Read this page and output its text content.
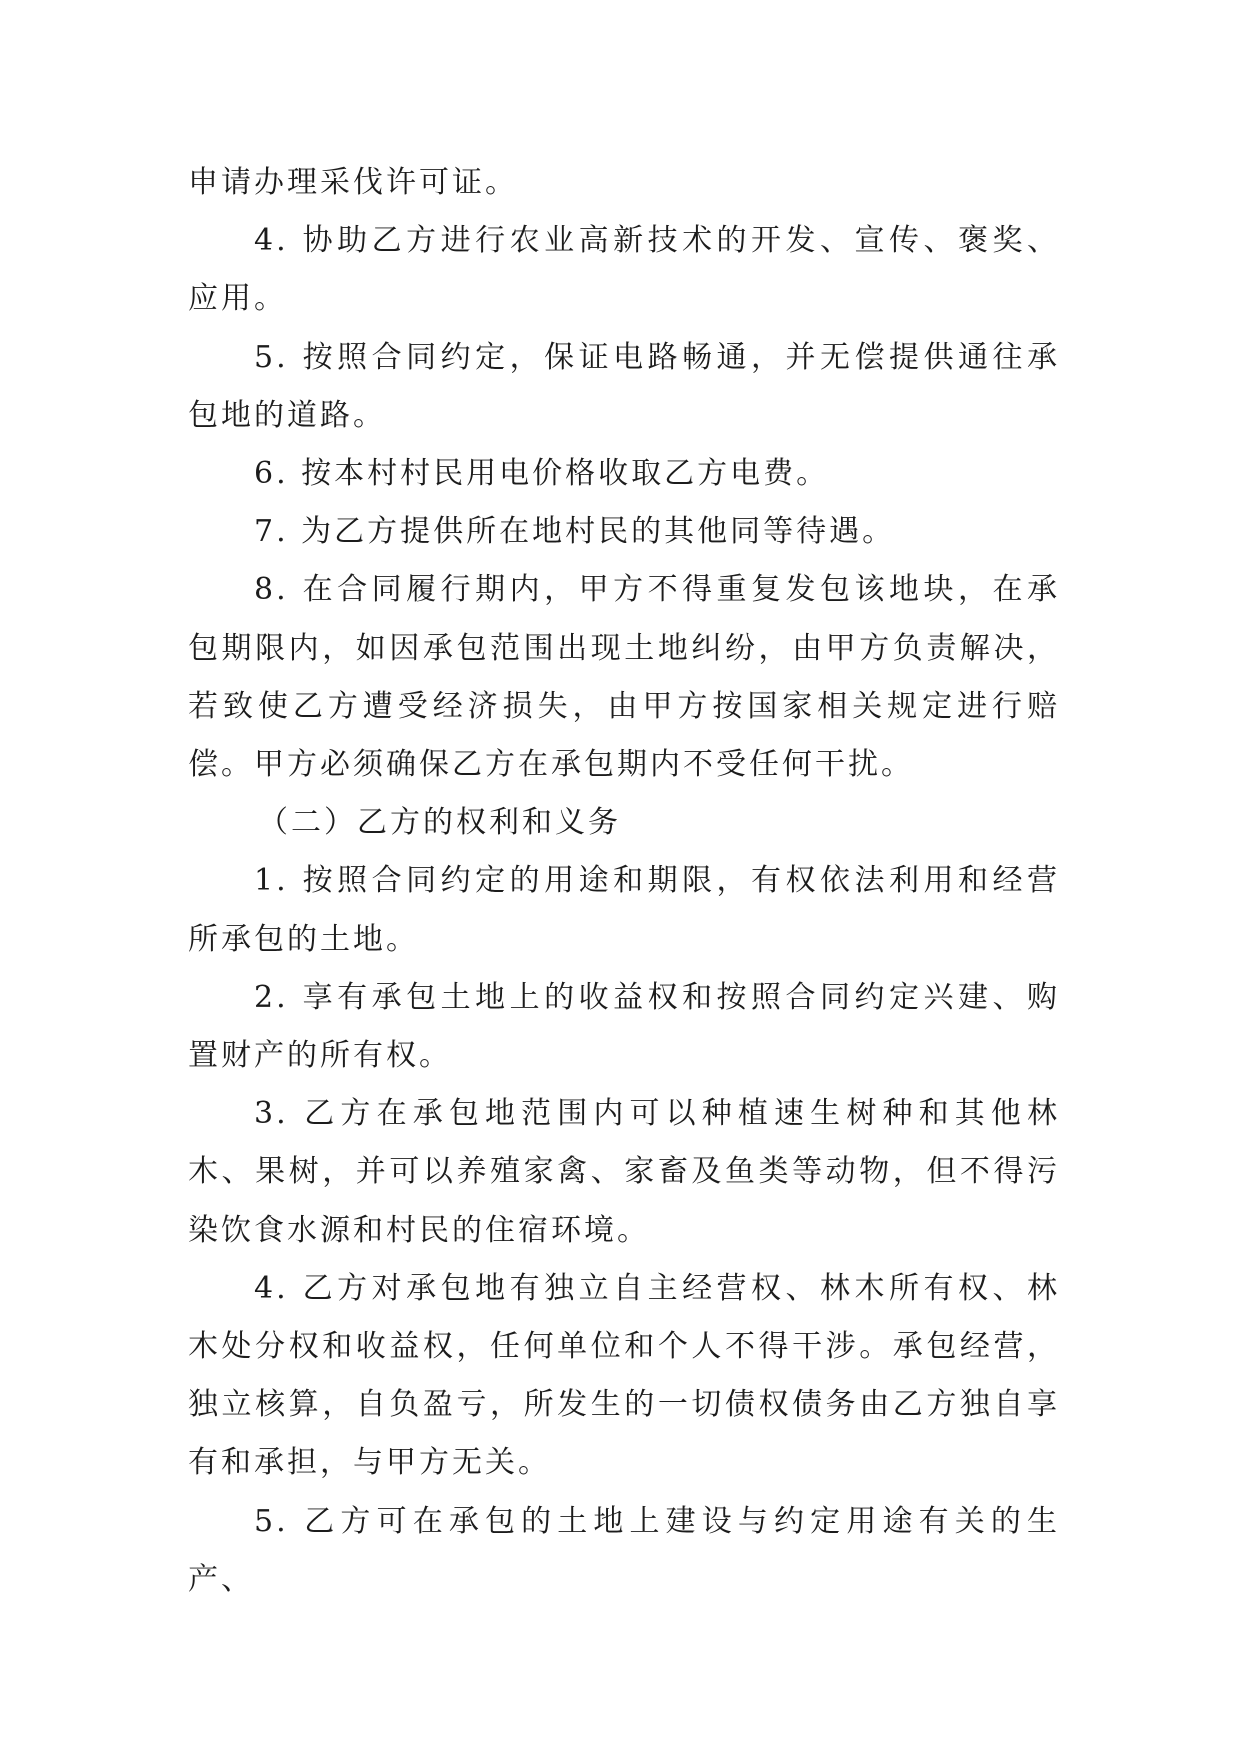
申请办理采伐许可证。

4. 协助乙方进行农业高新技术的开发、宣传、褒奖、应用。

5. 按照合同约定，保证电路畅通，并无偿提供通往承包地的道路。

6. 按本村村民用电价格收取乙方电费。

7. 为乙方提供所在地村民的其他同等待遇。

8. 在合同履行期内，甲方不得重复发包该地块，在承包期限内，如因承包范围出现土地纠纷，由甲方负责解决，若致使乙方遭受经济损失，由甲方按国家相关规定进行赔偿。甲方必须确保乙方在承包期内不受任何干扰。

（二）乙方的权利和义务

1. 按照合同约定的用途和期限，有权依法利用和经营所承包的土地。

2. 享有承包土地上的收益权和按照合同约定兴建、购置财产的所有权。

3. 乙方在承包地范围内可以种植速生树种和其他林木、果树，并可以养殖家禽、家畜及鱼类等动物，但不得污染饮食水源和村民的住宿环境。

4. 乙方对承包地有独立自主经营权、林木所有权、林木处分权和收益权，任何单位和个人不得干涉。承包经营，独立核算，自负盈亏，所发生的一切债权债务由乙方独自享有和承担，与甲方无关。

5. 乙方可在承包的土地上建设与约定用途有关的生产、
